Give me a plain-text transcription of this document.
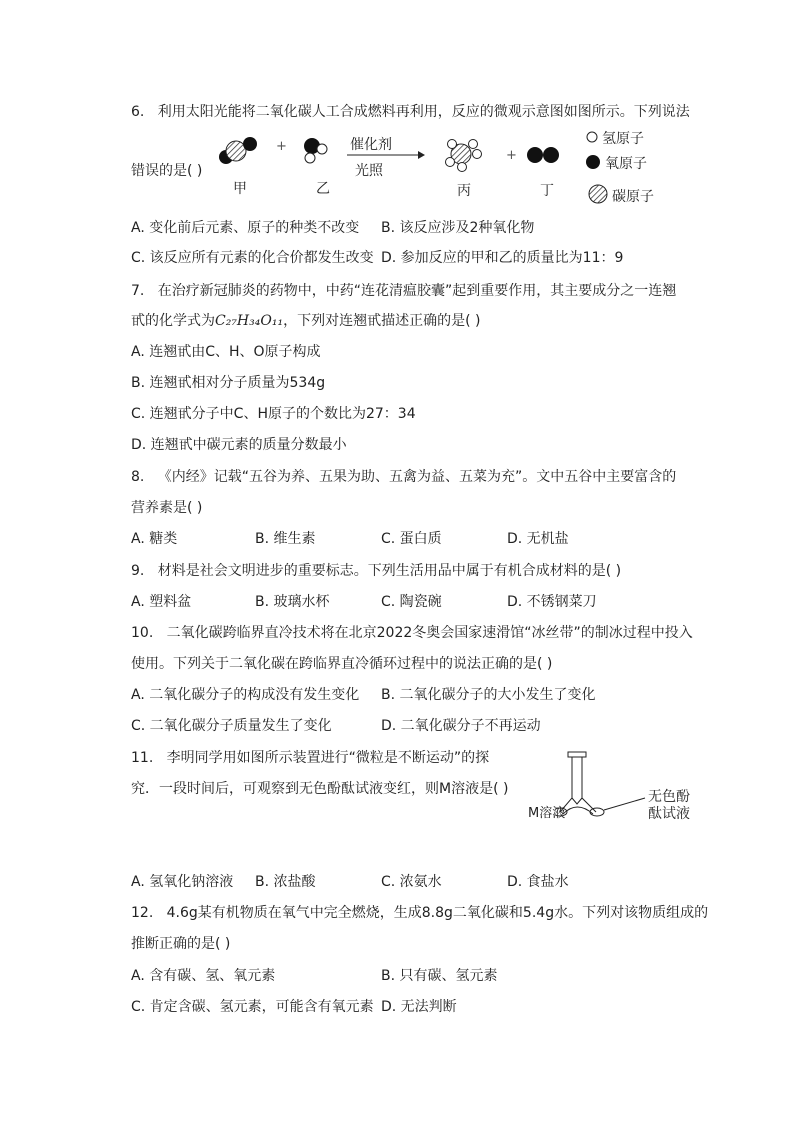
6. 利用太阳光能将二氧化碳人工合成燃料再利用，反应的微观示意图如图所示。下列说法
错误的是( )
+
+
催化剂
光照
甲	乙	丙	丁
氢原子
氧原子
碳原子
A. 变化前后元素、原子的种类不改变 B. 该反应涉及2种氧化物
C. 该反应所有元素的化合价都发生改变 D. 参加反应的甲和乙的质量比为11：9
7. 在治疗新冠肺炎的药物中，中药“连花清瘟胶囊”起到重要作用，其主要成分之一连翘
甙的化学式为C₂₇H₃₄O₁₁，下列对连翘甙描述正确的是( )
A. 连翘甙由C、H、O原子构成
B. 连翘甙相对分子质量为534g
C. 连翘甙分子中C、H原子的个数比为27：34
D. 连翘甙中碳元素的质量分数最小
8. 《内经》记载“五谷为养、五果为助、五禽为益、五菜为充”。文中五谷中主要富含的
营养素是( )
A. 糖类	B. 维生素	C. 蛋白质	D. 无机盐
9. 材料是社会文明进步的重要标志。下列生活用品中属于有机合成材料的是( )
A. 塑料盆	B. 玻璃水杯	C. 陶瓷碗	D. 不锈钢菜刀
10. 二氧化碳跨临界直冷技术将在北京2022冬奥会国家速滑馆“冰丝带”的制冰过程中投入
使用。下列关于二氧化碳在跨临界直冷循环过程中的说法正确的是( )
A. 二氧化碳分子的构成没有发生变化 B. 二氧化碳分子的大小发生了变化
C. 二氧化碳分子质量发生了变化	D. 二氧化碳分子不再运动
11. 李明同学用如图所示装置进行“微粒是不断运动”的探
究．一段时间后，可观察到无色酚酞试液变红，则M溶液是( )
M溶液
无色酚
酞试液
A. 氢氧化钠溶液 B. 浓盐酸	C. 浓氨水	D. 食盐水
12. 4.6g某有机物质在氧气中完全燃烧，生成8.8g二氧化碳和5.4g水。下列对该物质组成的
推断正确的是( )
A. 含有碳、氢、氧元素	B. 只有碳、氢元素
C. 肯定含碳、氢元素，可能含有氧元素 D. 无法判断
